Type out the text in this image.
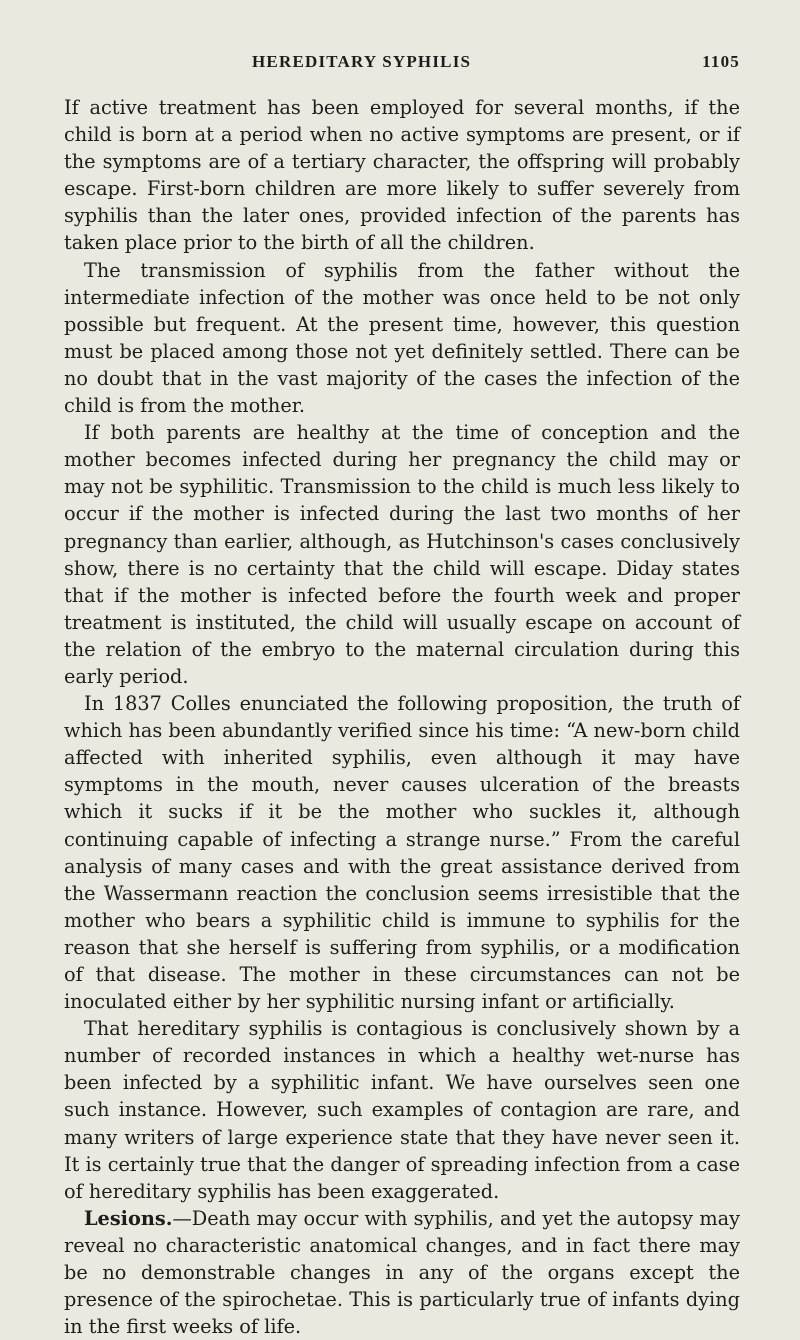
HEREDITARY SYPHILIS	1105

If active treatment has been employed for several months, if the child is born at a period when no active symptoms are present, or if the symptoms are of a tertiary character, the offspring will probably escape. First-born children are more likely to suffer severely from syphilis than the later ones, provided infection of the parents has taken place prior to the birth of all the children.

The transmission of syphilis from the father without the intermediate infection of the mother was once held to be not only possible but frequent. At the present time, however, this question must be placed among those not yet definitely settled. There can be no doubt that in the vast majority of the cases the infection of the child is from the mother.

If both parents are healthy at the time of conception and the mother becomes infected during her pregnancy the child may or may not be syphilitic. Transmission to the child is much less likely to occur if the mother is infected during the last two months of her pregnancy than earlier, although, as Hutchinson's cases conclusively show, there is no certainty that the child will escape. Diday states that if the mother is infected before the fourth week and proper treatment is instituted, the child will usually escape on account of the relation of the embryo to the maternal circulation during this early period.

In 1837 Colles enunciated the following proposition, the truth of which has been abundantly verified since his time: “A new-born child affected with inherited syphilis, even although it may have symptoms in the mouth, never causes ulceration of the breasts which it sucks if it be the mother who suckles it, although continuing capable of infecting a strange nurse.” From the careful analysis of many cases and with the great assistance derived from the Wassermann reaction the conclusion seems irresistible that the mother who bears a syphilitic child is immune to syphilis for the reason that she herself is suffering from syphilis, or a modification of that disease. The mother in these circumstances can not be inoculated either by her syphilitic nursing infant or artificially.

That hereditary syphilis is contagious is conclusively shown by a number of recorded instances in which a healthy wet-nurse has been infected by a syphilitic infant. We have ourselves seen one such instance. However, such examples of contagion are rare, and many writers of large experience state that they have never seen it. It is certainly true that the danger of spreading infection from a case of hereditary syphilis has been exaggerated.

Lesions.—Death may occur with syphilis, and yet the autopsy may reveal no characteristic anatomical changes, and in fact there may be no demonstrable changes in any of the organs except the presence of the spirochetae. This is particularly true of infants dying in the first weeks of life.
